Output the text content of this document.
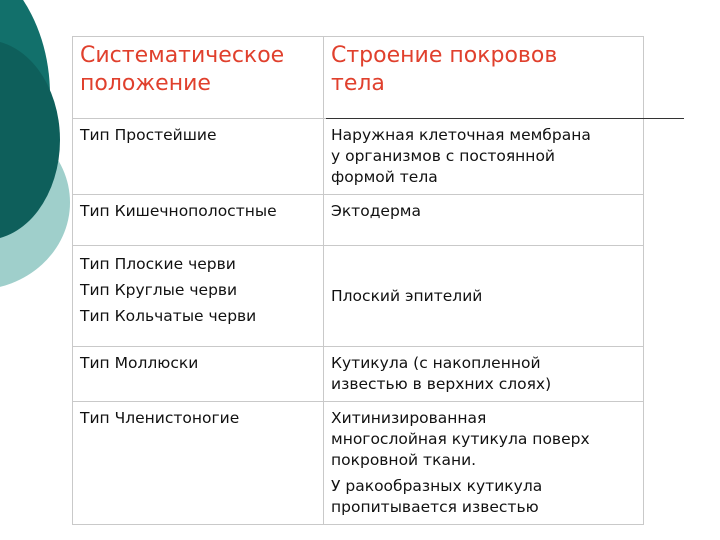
Систематическое
положение	Строение покровов
тела

Тип Простейшие	Наружная клеточная мембрана
у организмов с постоянной
формой тела

Тип Кишечнополостные	Эктодерма

Тип Плоские черви
Тип Круглые черви
Тип Кольчатые черви	Плоский эпителий

Тип Моллюски	Кутикула (с накопленной
известью в верхних слоях)

Тип Членистоногие	Хитинизированная
многослойная кутикула поверх
покровной ткани.
У ракообразных кутикула
пропитывается известью
